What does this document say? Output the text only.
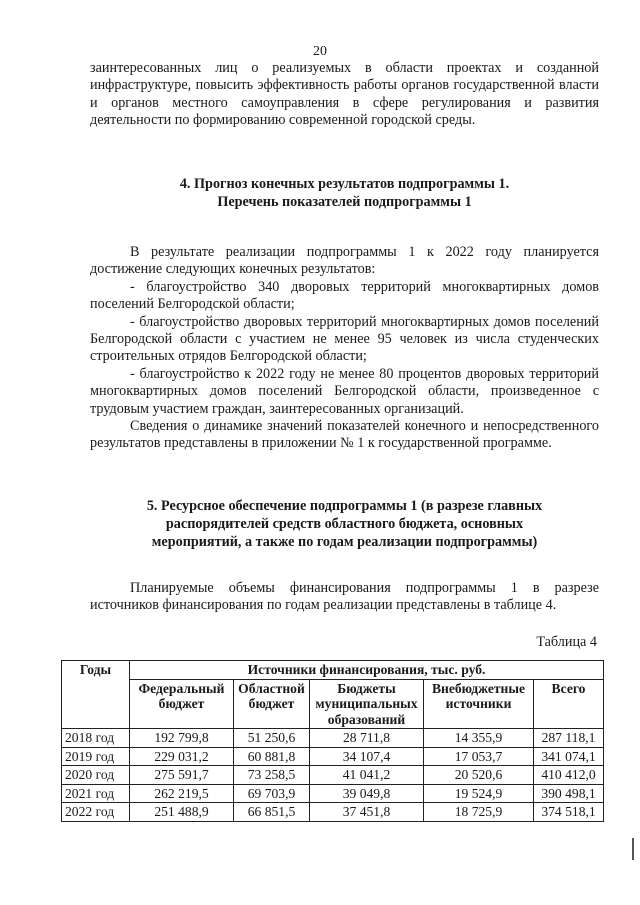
20

заинтересованных лиц о реализуемых в области проектах и созданной инфраструктуре, повысить эффективность работы органов государственной власти и органов местного самоуправления в сфере регулирования и развития деятельности по формированию современной городской среды.

4. Прогноз конечных результатов подпрограммы 1.
Перечень показателей подпрограммы 1
В результате реализации подпрограммы 1 к 2022 году планируется достижение следующих конечных результатов:
- благоустройство 340 дворовых территорий многоквартирных домов поселений Белгородской области;
- благоустройство дворовых территорий многоквартирных домов поселений Белгородской области с участием не менее 95 человек из числа студенческих строительных отрядов Белгородской области;
- благоустройство к 2022 году не менее 80 процентов дворовых территорий многоквартирных домов поселений Белгородской области, произведенное с трудовым участием граждан, заинтересованных организаций.
Сведения о динамике значений показателей конечного и непосредственного результатов представлены в приложении № 1 к государственной программе.
5. Ресурсное обеспечение подпрограммы 1 (в разрезе главных
распорядителей средств областного бюджета, основных
мероприятий, а также по годам реализации подпрограммы)
Планируемые объемы финансирования подпрограммы 1 в разрезе источников финансирования по годам реализации представлены в таблице 4.
Таблица 4
Годы	Источники финансирования, тыс. руб.				
	Федеральный бюджет	Областной бюджет	Бюджеты муниципальных образований	Внебюджетные источники	Всего
2018 год	192 799,8	51 250,6	28 711,8	14 355,9	287 118,1
2019 год	229 031,2	60 881,8	34 107,4	17 053,7	341 074,1
2020 год	275 591,7	73 258,5	41 041,2	20 520,6	410 412,0
2021 год	262 219,5	69 703,9	39 049,8	19 524,9	390 498,1
2022 год	251 488,9	66 851,5	37 451,8	18 725,9	374 518,1
